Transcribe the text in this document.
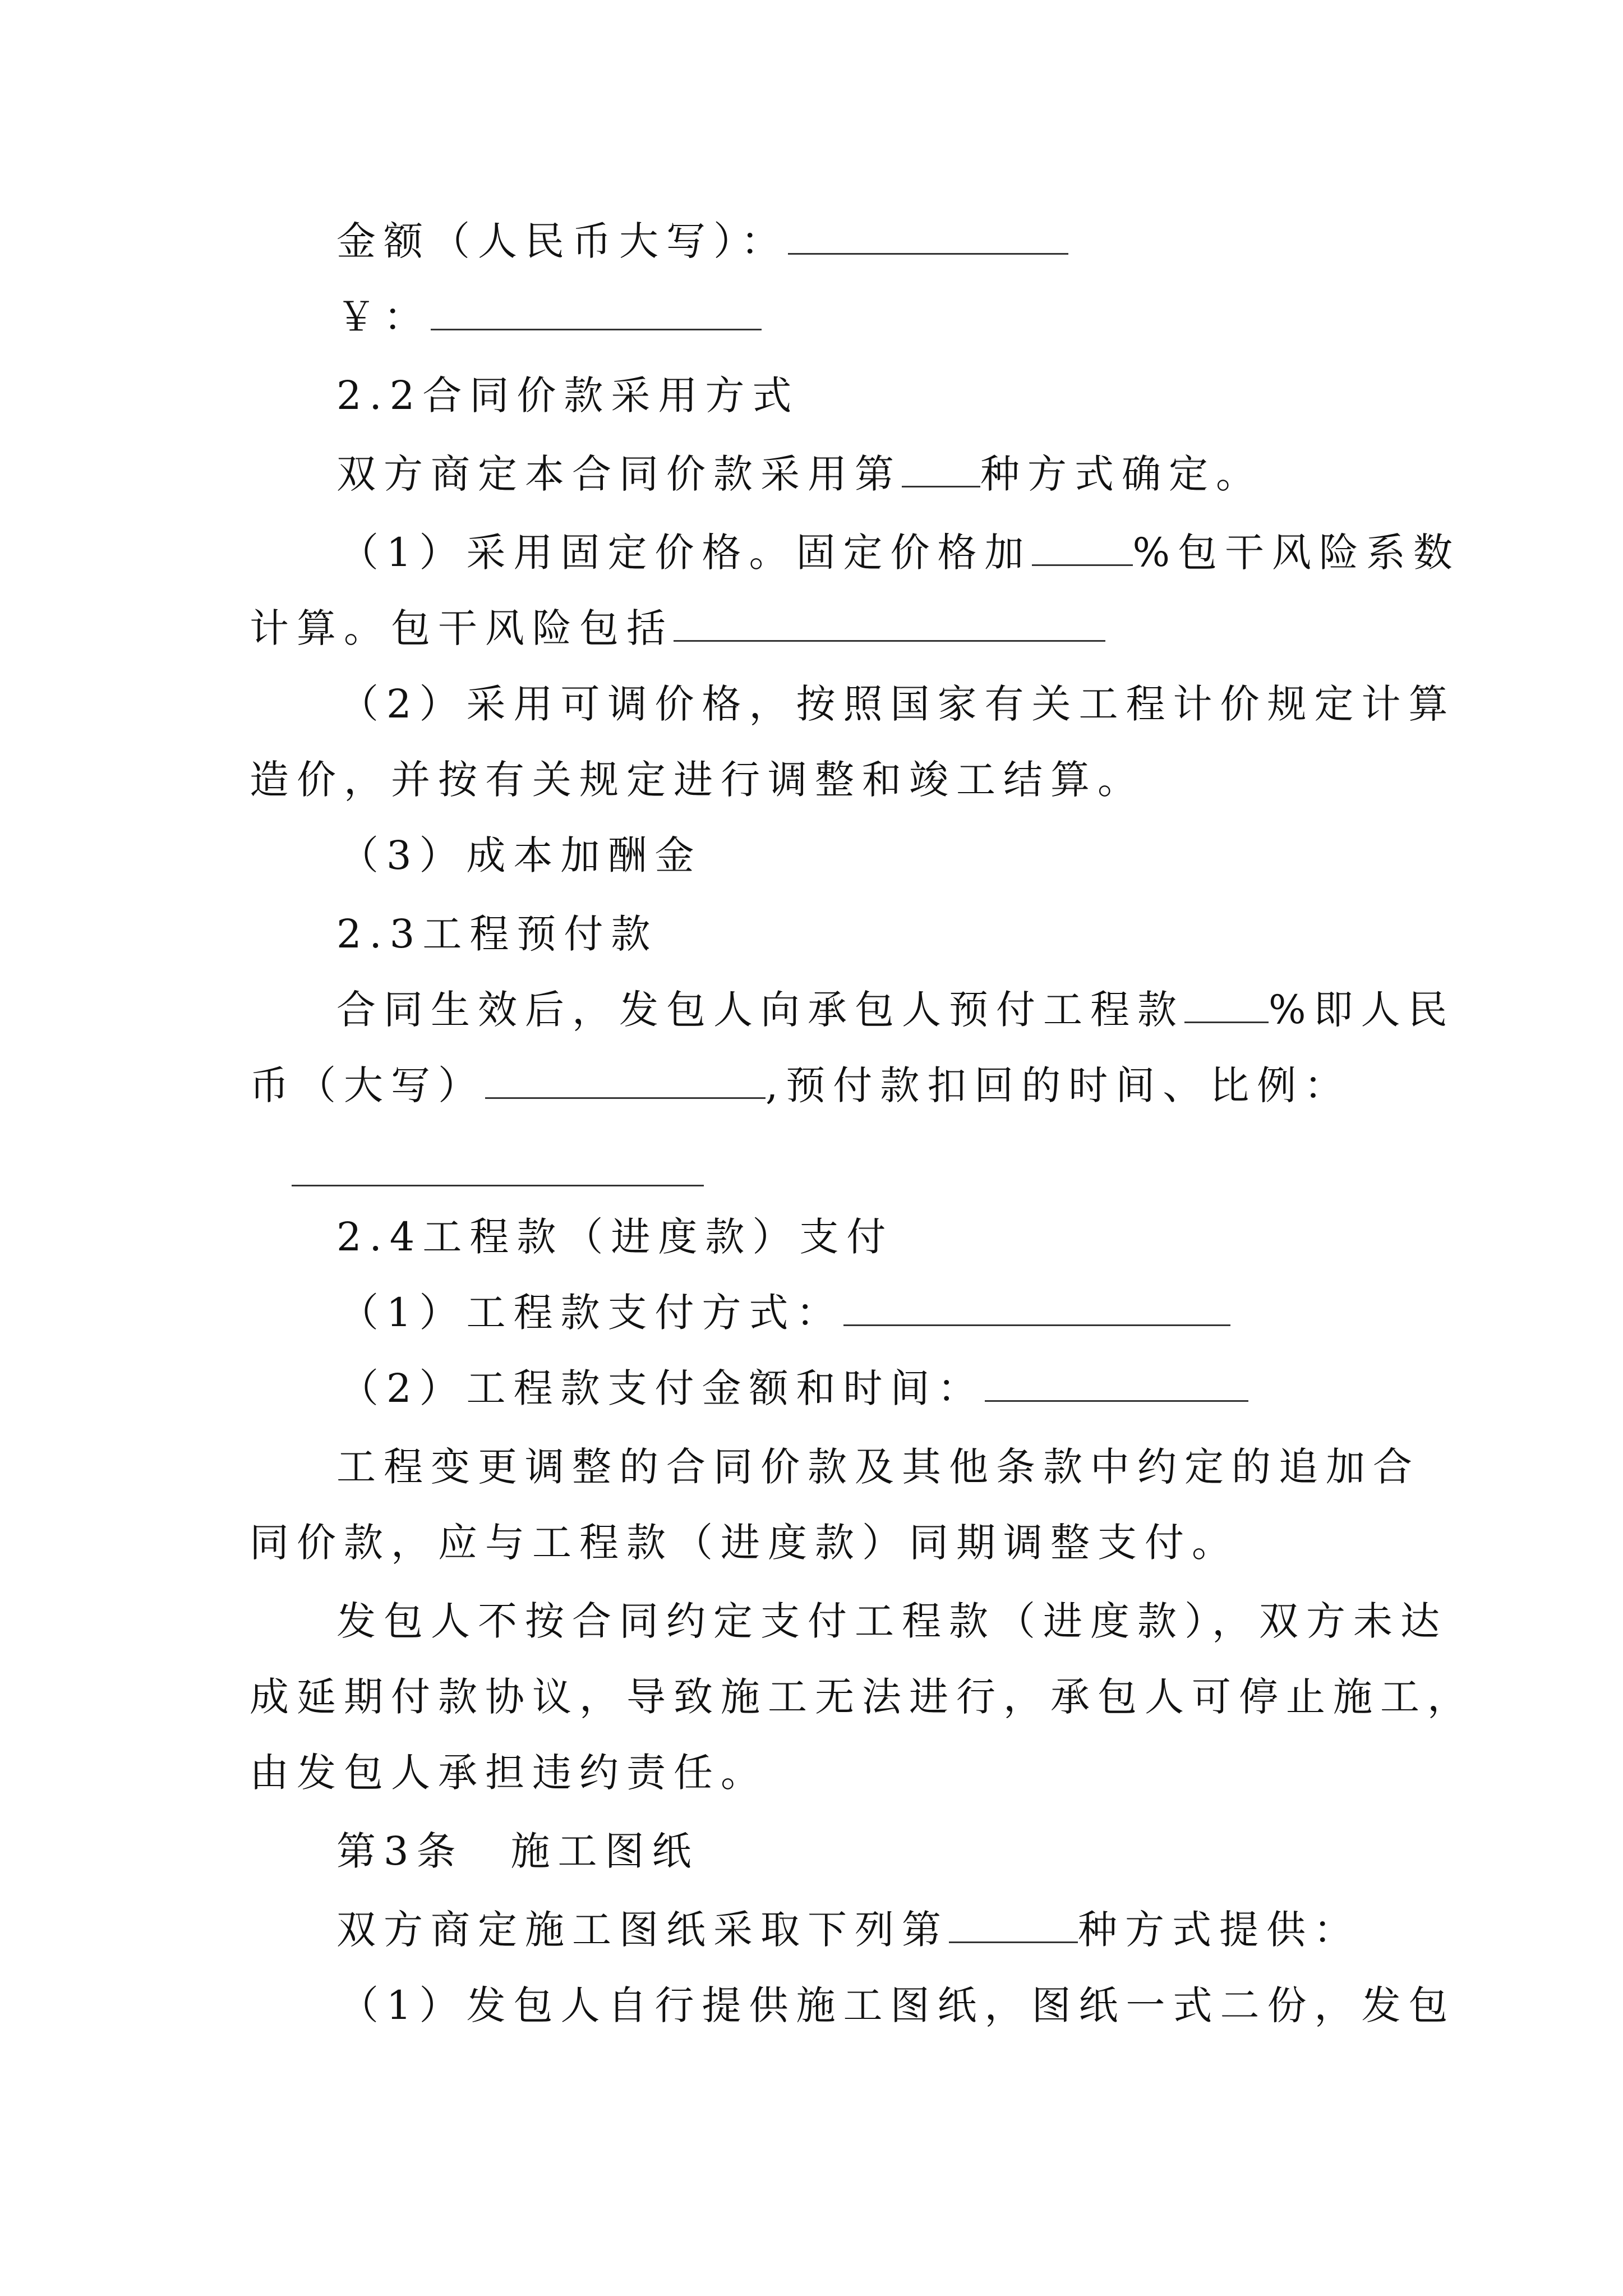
金额（人民币大写）：
￥：
2.2合同价款采用方式
双方商定本合同价款采用第 种方式确定。
（1）采用固定价格。固定价格加	%包干风险系数
计算。包干风险包括
（2）采用可调价格，按照国家有关工程计价规定计算
造价，并按有关规定进行调整和竣工结算。
（3）成本加酬金
2.3工程预付款
合同生效后，发包人向承包人预付工程款 %即人民
币（大写）	,预付款扣回的时间、比例：
2.4工程款（进度款）支付
（1）工程款支付方式：
（2）工程款支付金额和时间：
工程变更调整的合同价款及其他条款中约定的追加合
同价款，应与工程款（进度款）同期调整支付。
发包人不按合同约定支付工程款（进度款），双方未达
成延期付款协议，导致施工无法进行，承包人可停止施工，
由发包人承担违约责任。
第3条　施工图纸
双方商定施工图纸采取下列第	种方式提供：
（1）发包人自行提供施工图纸，图纸一式二份，发包
